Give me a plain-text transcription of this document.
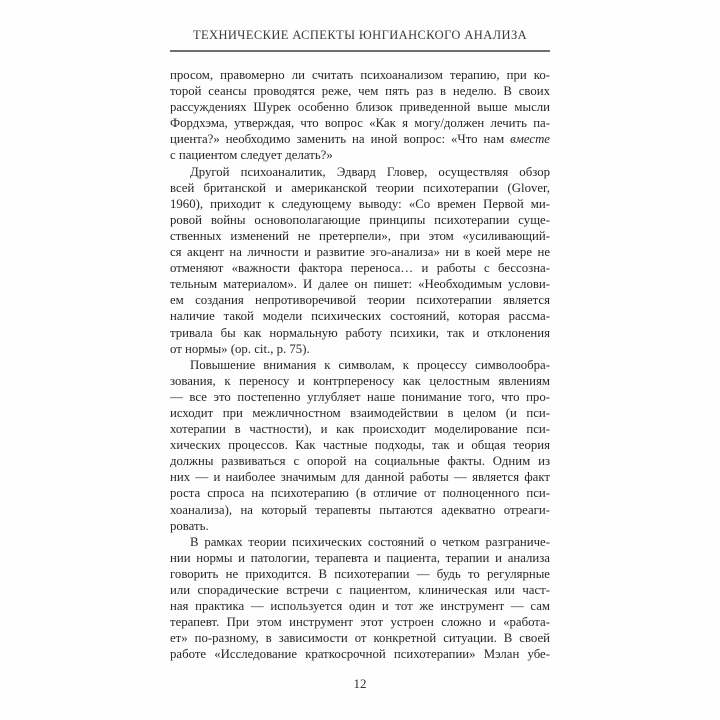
ТЕХНИЧЕСКИЕ АСПЕКТЫ ЮНГИАНСКОГО АНАЛИЗА
просом, правомерно ли считать психоанализом терапию, при ко-
торой сеансы проводятся реже, чем пять раз в неделю. В своих
рассуждениях Шурек особенно близок приведенной выше мысли
Фордхэма, утверждая, что вопрос «Как я могу/должен лечить па-
циента?» необходимо заменить на иной вопрос: «Что нам вместе
с пациентом следует делать?»
Другой психоаналитик, Эдвард Гловер, осуществляя обзор
всей британской и американской теории психотерапии (Glover,
1960), приходит к следующему выводу: «Со времен Первой ми-
ровой войны основополагающие принципы психотерапии суще-
ственных изменений не претерпели», при этом «усиливающий-
ся акцент на личности и развитие эго-анализа» ни в коей мере не
отменяют «важности фактора переноса… и работы с бессозна-
тельным материалом». И далее он пишет: «Необходимым услови-
ем создания непротиворечивой теории психотерапии является
наличие такой модели психических состояний, которая рассма-
тривала бы как нормальную работу психики, так и отклонения
от нормы» (op. cit., p. 75).
Повышение внимания к символам, к процессу символообра-
зования, к переносу и контрпереносу как целостным явлениям
— все это постепенно углубляет наше понимание того, что про-
исходит при межличностном взаимодействии в целом (и пси-
хотерапии в частности), и как происходит моделирование пси-
хических процессов. Как частные подходы, так и общая теория
должны развиваться с опорой на социальные факты. Одним из
них — и наиболее значимым для данной работы — является факт
роста спроса на психотерапию (в отличие от полноценного пси-
хоанализа), на который терапевты пытаются адекватно отреаги-
ровать.
В рамках теории психических состояний о четком разграниче-
нии нормы и патологии, терапевта и пациента, терапии и анализа
говорить не приходится. В психотерапии — будь то регулярные
или спорадические встречи с пациентом, клиническая или част-
ная практика — используется один и тот же инструмент — сам
терапевт. При этом инструмент этот устроен сложно и «работа-
ет» по-разному, в зависимости от конкретной ситуации. В своей
работе «Исследование краткосрочной психотерапии» Мэлан убе-
12
